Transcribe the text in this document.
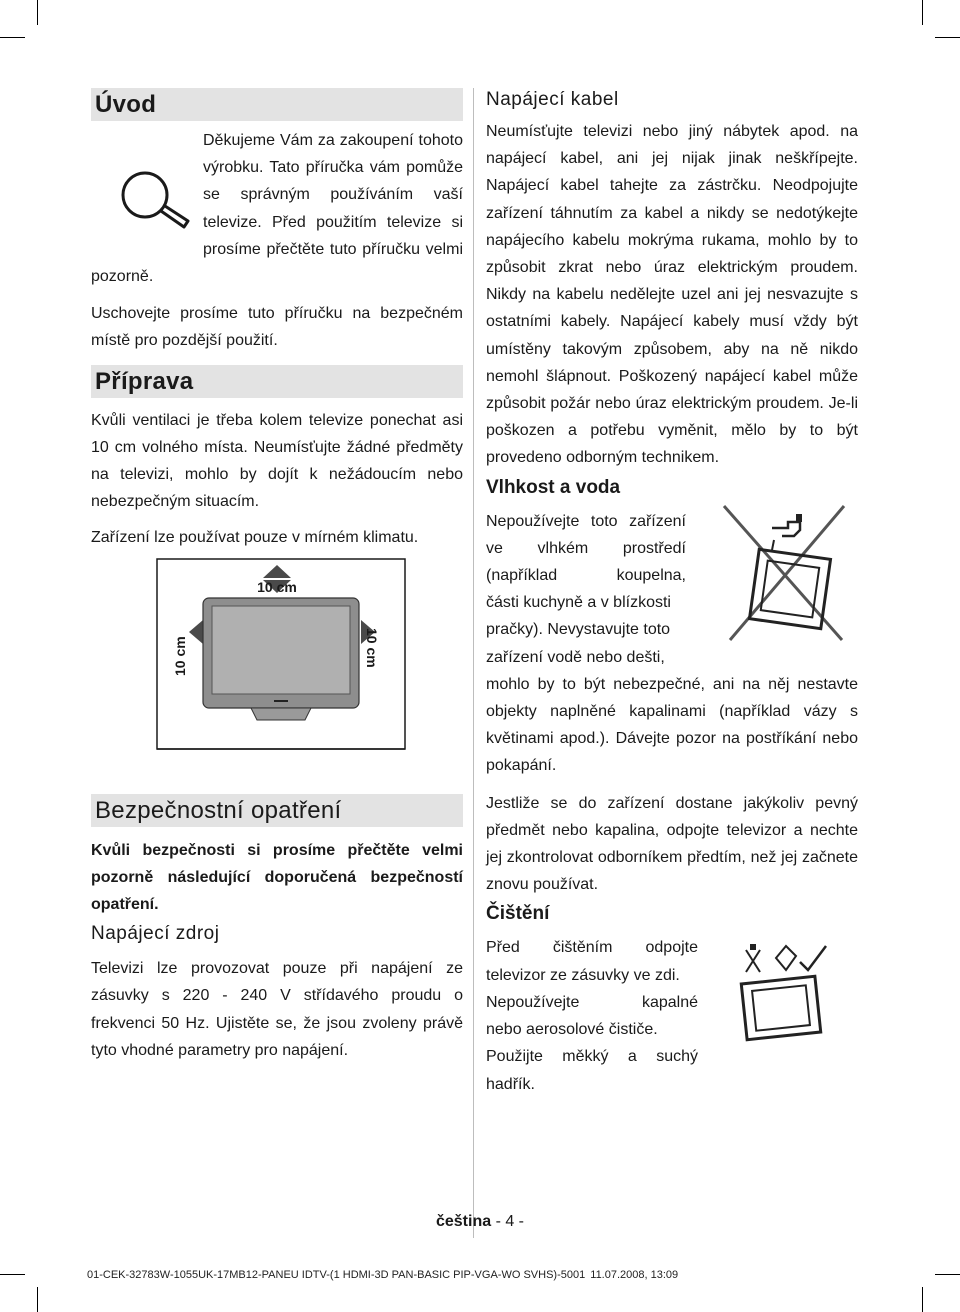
Úvod

Děkujeme Vám za zakoupení tohoto výrobku. Tato příručka vám pomůže se správným používáním vaší televize. Před použitím televize si prosíme přečtěte tuto příručku velmi pozorně.

Uschovejte prosíme tuto příručku na bezpečném místě pro pozdější použití.

Příprava

Kvůli ventilaci je třeba kolem televize ponechat asi 10 cm volného místa. Neumísťujte žádné předměty na televizi, mohlo by dojít k nežádoucím nebo nebezpečným situacím.

Zařízení lze používat pouze v mírném klimatu.

10 cm
10 cm	10 cm
Bezpečnostní opatření

Kvůli bezpečnosti si prosíme přečtěte velmi pozorně následující doporučená bezpečností opatření.

Napájecí zdroj

Televizi lze provozovat pouze při napájení ze zásuvky s 220 - 240 V střídavého proudu o frekvenci 50 Hz. Ujistěte se, že jsou zvoleny právě tyto vhodné parametry pro napájení.

Napájecí kabel

Neumísťujte televizi nebo jiný nábytek apod. na napájecí kabel, ani jej nijak jinak neškřípejte. Napájecí kabel tahejte za zástrčku. Neodpojujte zařízení táhnutím za kabel a nikdy se nedotýkejte napájecího kabelu mokrýma rukama, mohlo by to způsobit zkrat nebo úraz elektrickým proudem. Nikdy na kabelu nedělejte uzel ani jej nesvazujte s ostatními kabely. Napájecí kabely musí vždy být umístěny takovým způsobem, aby na ně nikdo nemohl šlápnout. Poškozený napájecí kabel může způsobit požár nebo úraz elektrickým proudem. Je-li poškozen a potřebu vyměnit, mělo by to být provedeno odborným technikem.

Vlhkost a voda

Nepoužívejte toto zařízení
ve vlhkém prostředí
(například koupelna,
části kuchyně a v blízkosti
pračky). Nevystavujte toto
zařízení vodě nebo dešti,

mohlo by to být nebezpečné, ani na něj nestavte objekty naplněné kapalinami (například vázy s květinami apod.). Dávejte pozor na postříkání nebo pokapání.

Jestliže se do zařízení dostane jakýkoliv pevný předmět nebo kapalina, odpojte televizor a nechte jej zkontrolovat odborníkem předtím, než jej začnete znovu používat.

Čištění

Před čištěním odpojte
televizor ze zásuvky ve zdi.
Nepoužívejte kapalné
nebo aerosolové čističe.
Použijte měkký a suchý
hadřík.
čeština - 4 -
01-CEK-32783W-1055UK-17MB12-PANEU IDTV-(1 HDMI-3D PAN-BASIC PIP-VGA-WO SVHS)-5001 11.07.2008, 13:09
